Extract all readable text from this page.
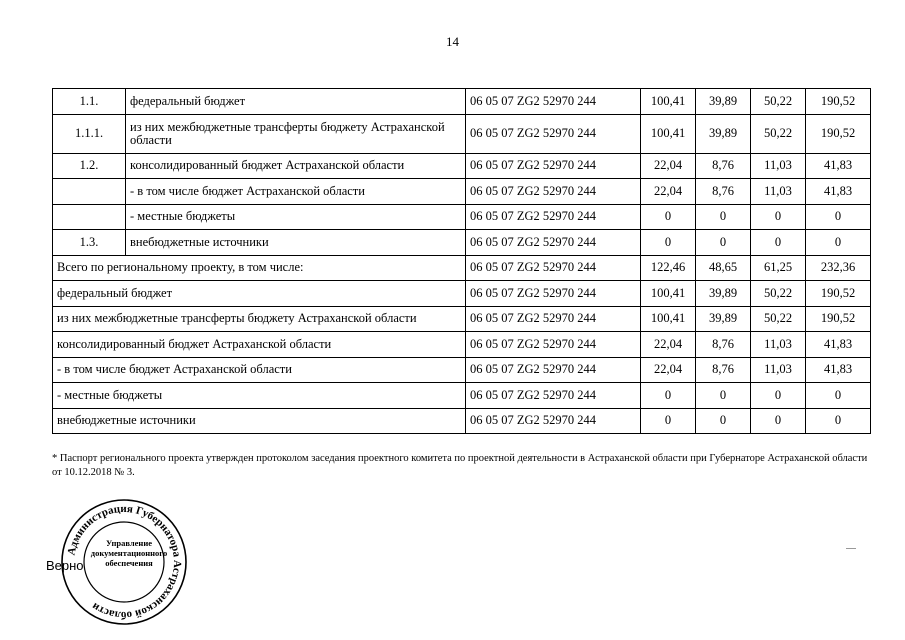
14
1.1.	федеральный бюджет	06 05 07 ZG2 52970 244	100,41	39,89	50,22	190,52
1.1.1.	из них межбюджетные трансферты бюджету Астраханской области	06 05 07 ZG2 52970 244	100,41	39,89	50,22	190,52
1.2.	консолидированный бюджет Астраханской области	06 05 07 ZG2 52970 244	22,04	8,76	11,03	41,83
	- в том числе бюджет Астраханской области	06 05 07 ZG2 52970 244	22,04	8,76	11,03	41,83
	- местные бюджеты	06 05 07 ZG2 52970 244	0	0	0	0
1.3.	внебюджетные источники	06 05 07 ZG2 52970 244	0	0	0	0
Всего по региональному проекту, в том числе:		06 05 07 ZG2 52970 244	122,46	48,65	61,25	232,36
федеральный бюджет		06 05 07 ZG2 52970 244	100,41	39,89	50,22	190,52
из них межбюджетные трансферты бюджету Астраханской области		06 05 07 ZG2 52970 244	100,41	39,89	50,22	190,52
консолидированный бюджет Астраханской области		06 05 07 ZG2 52970 244	22,04	8,76	11,03	41,83
- в том числе бюджет Астраханской области		06 05 07 ZG2 52970 244	22,04	8,76	11,03	41,83
- местные бюджеты		06 05 07 ZG2 52970 244	0	0	0	0
внебюджетные источники		06 05 07 ZG2 52970 244	0	0	0	0
* Паспорт регионального проекта утвержден протоколом заседания проектного комитета по проектной деятельности в Астраханской области при Губернаторе Астраханской области от 10.12.2018 № 3.
Администрация Губернатора Астраханской области
Управление
документационного
обеспечения
Верно
